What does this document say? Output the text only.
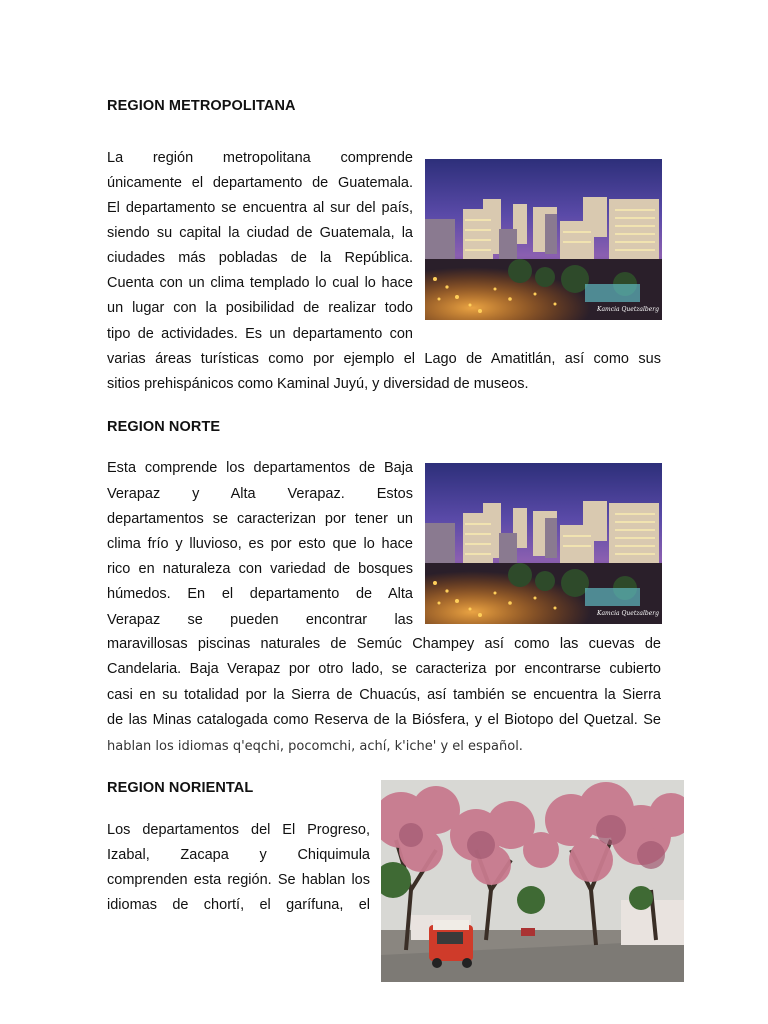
REGION METROPOLITANA
La región metropolitana comprende
únicamente el departamento de Guatemala.
El departamento se encuentra al sur del país,
siendo su capital la ciudad de Guatemala, la
ciudades más pobladas de la República.
Cuenta con un clima templado lo cual lo hace
un lugar con la posibilidad de realizar todo
tipo de actividades. Es un departamento con
varias áreas turísticas como por ejemplo el Lago de Amatitlán, así como sus
sitios prehispánicos como Kaminal Juyú, y diversidad de museos.
Kamcia Quetzalberg
REGION NORTE
Esta comprende los departamentos de Baja
Verapaz y Alta Verapaz. Estos
departamentos se caracterizan por tener un
clima frío y lluvioso, es por esto que lo hace
rico en naturaleza con variedad de bosques
húmedos. En el departamento de Alta
Verapaz se pueden encontrar las
maravillosas piscinas naturales de Semúc Champey así como las cuevas de
Candelaria. Baja Verapaz por otro lado, se caracteriza por encontrarse cubierto
casi en su totalidad por la Sierra de Chuacús, así también se encuentra la Sierra
de las Minas catalogada como Reserva de la Biósfera, y el Biotopo del Quetzal. Se
hablan los idiomas q'eqchi, pocomchi, achí, k'iche' y el español.
Kamcia Quetzalberg
REGION NORIENTAL
Los departamentos del El Progreso,
Izabal, Zacapa y Chiquimula
comprenden esta región. Se hablan los
idiomas de chortí, el garífuna, el
